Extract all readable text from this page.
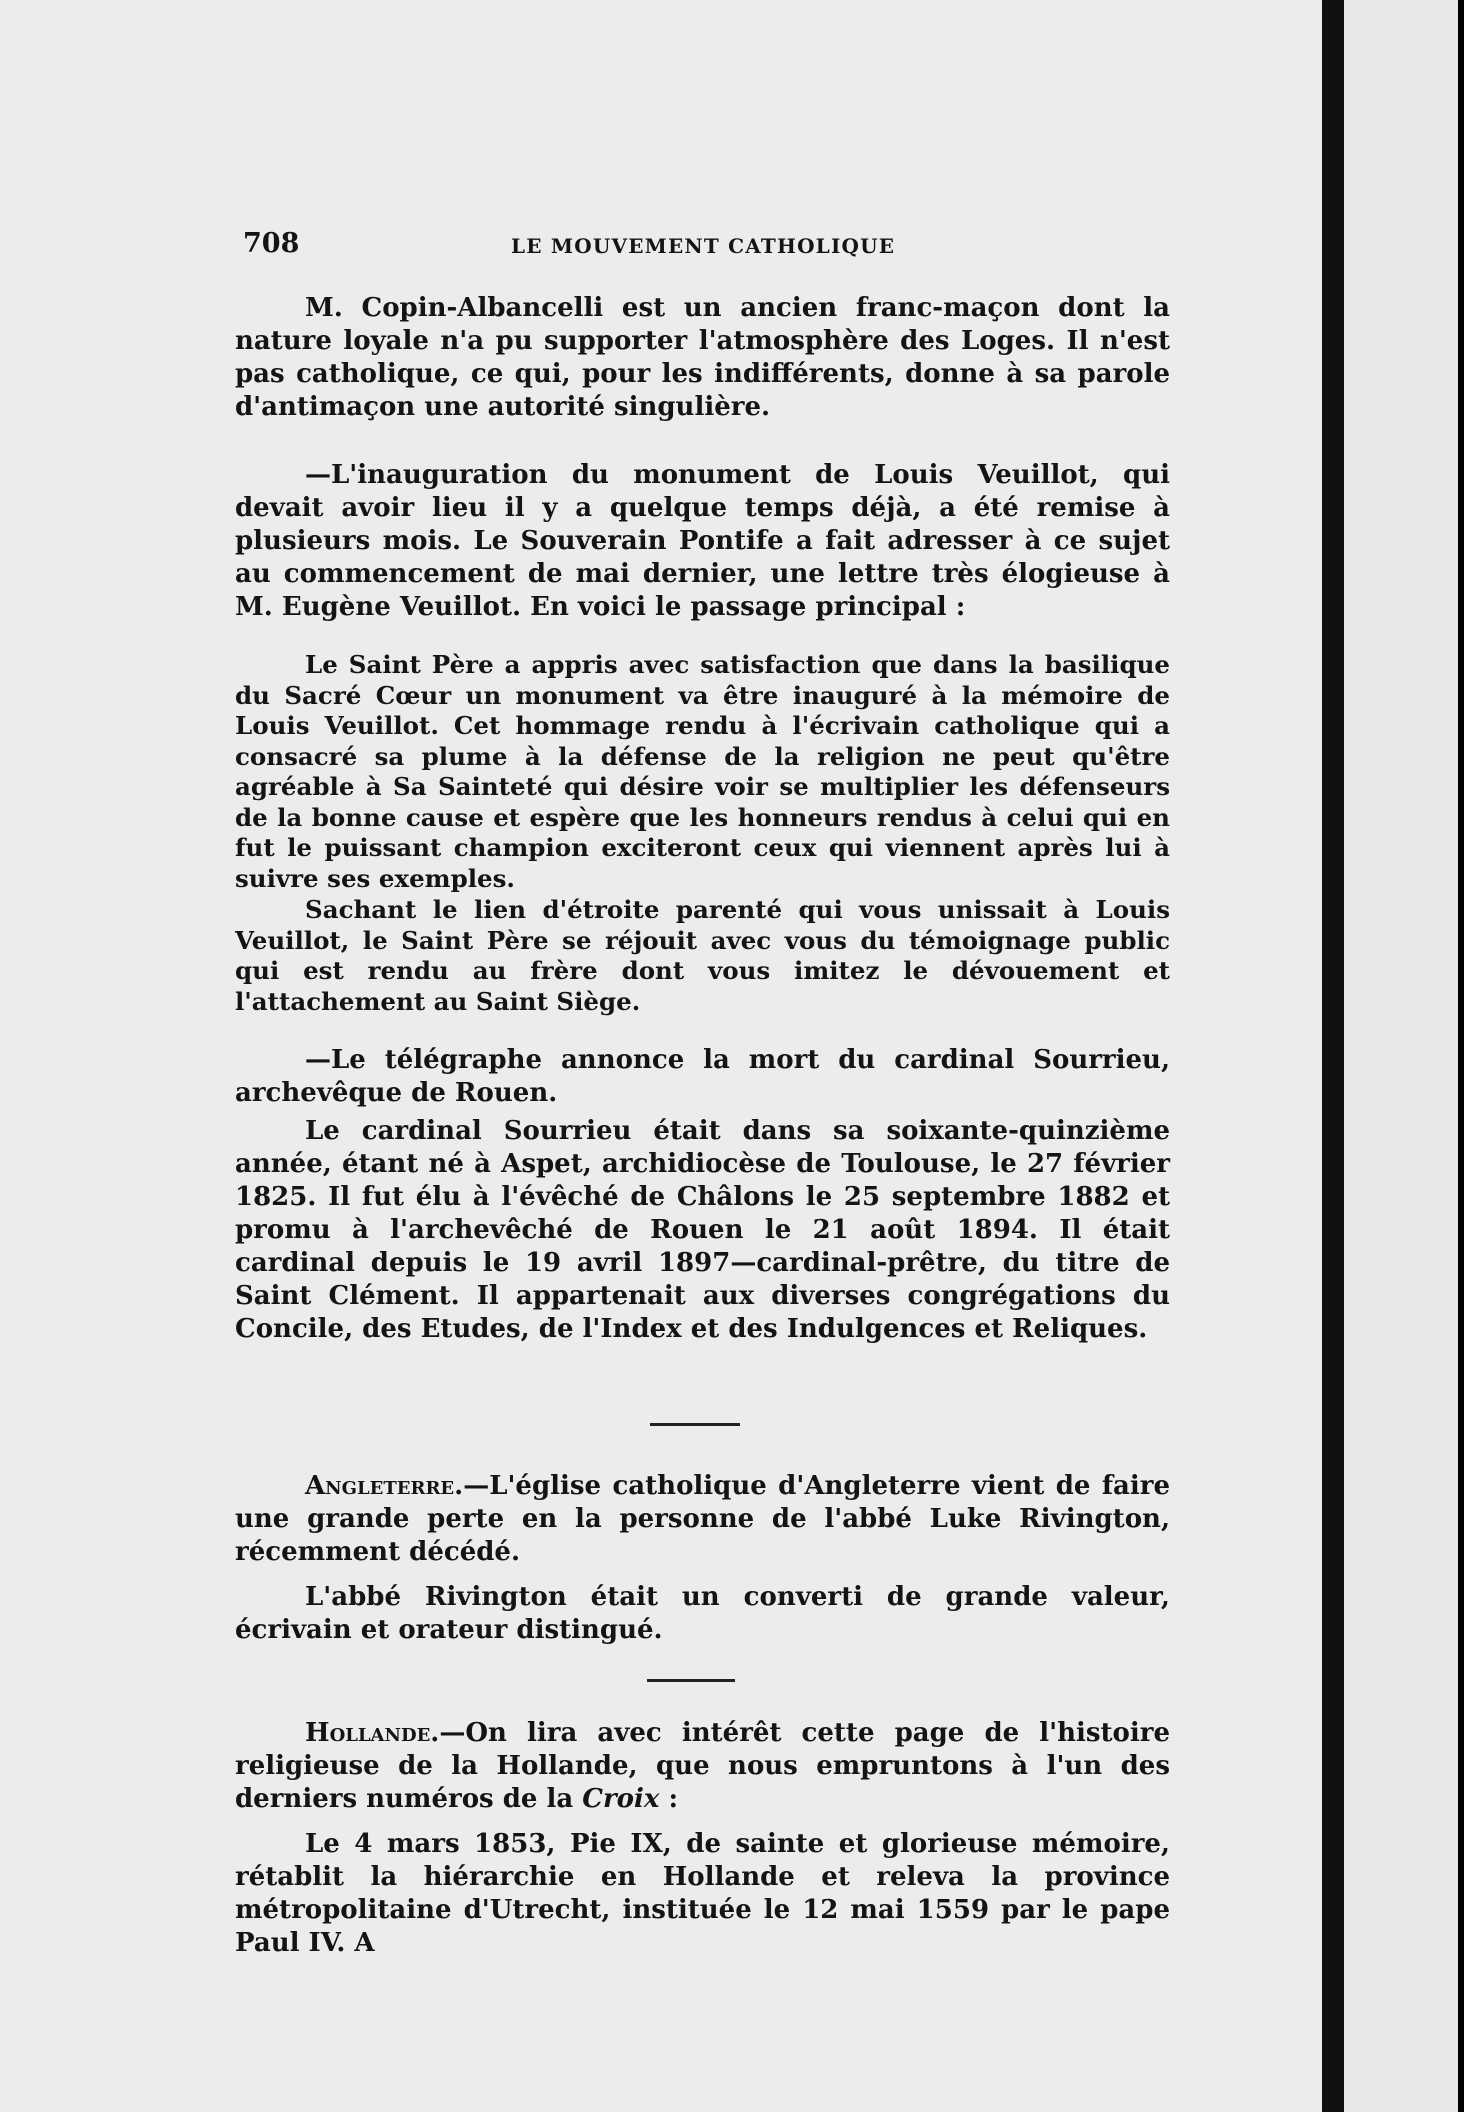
708	LE MOUVEMENT CATHOLIQUE
M. Copin-Albancelli est un ancien franc-maçon dont la nature loyale n'a pu supporter l'atmosphère des Loges. Il n'est pas catholique, ce qui, pour les indifférents, donne à sa parole d'antimaçon une autorité singulière.
—L'inauguration du monument de Louis Veuillot, qui devait avoir lieu il y a quelque temps déjà, a été remise à plusieurs mois. Le Souverain Pontife a fait adresser à ce sujet au commencement de mai dernier, une lettre très élogieuse à M. Eugène Veuillot. En voici le passage principal :
Le Saint Père a appris avec satisfaction que dans la basilique du Sacré Cœur un monument va être inauguré à la mémoire de Louis Veuillot. Cet hommage rendu à l'écrivain catholique qui a consacré sa plume à la défense de la religion ne peut qu'être agréable à Sa Sainteté qui désire voir se multiplier les défenseurs de la bonne cause et espère que les honneurs rendus à celui qui en fut le puissant champion exciteront ceux qui viennent après lui à suivre ses exemples.
Sachant le lien d'étroite parenté qui vous unissait à Louis Veuillot, le Saint Père se réjouit avec vous du témoignage public qui est rendu au frère dont vous imitez le dévouement et l'attachement au Saint Siège.
—Le télégraphe annonce la mort du cardinal Sourrieu, archevêque de Rouen.
Le cardinal Sourrieu était dans sa soixante-quinzième année, étant né à Aspet, archidiocèse de Toulouse, le 27 février 1825. Il fut élu à l'évêché de Châlons le 25 septembre 1882 et promu à l'archevêché de Rouen le 21 août 1894. Il était cardinal depuis le 19 avril 1897—cardinal-prêtre, du titre de Saint Clément. Il appartenait aux diverses congrégations du Concile, des Etudes, de l'Index et des Indulgences et Reliques.
Angleterre.—L'église catholique d'Angleterre vient de faire une grande perte en la personne de l'abbé Luke Rivington, récemment décédé.
L'abbé Rivington était un converti de grande valeur, écrivain et orateur distingué.
Hollande.—On lira avec intérêt cette page de l'histoire religieuse de la Hollande, que nous empruntons à l'un des derniers numéros de la Croix :
Le 4 mars 1853, Pie IX, de sainte et glorieuse mémoire, rétablit la hiérarchie en Hollande et releva la province métropolitaine d'Utrecht, instituée le 12 mai 1559 par le pape Paul IV. A
